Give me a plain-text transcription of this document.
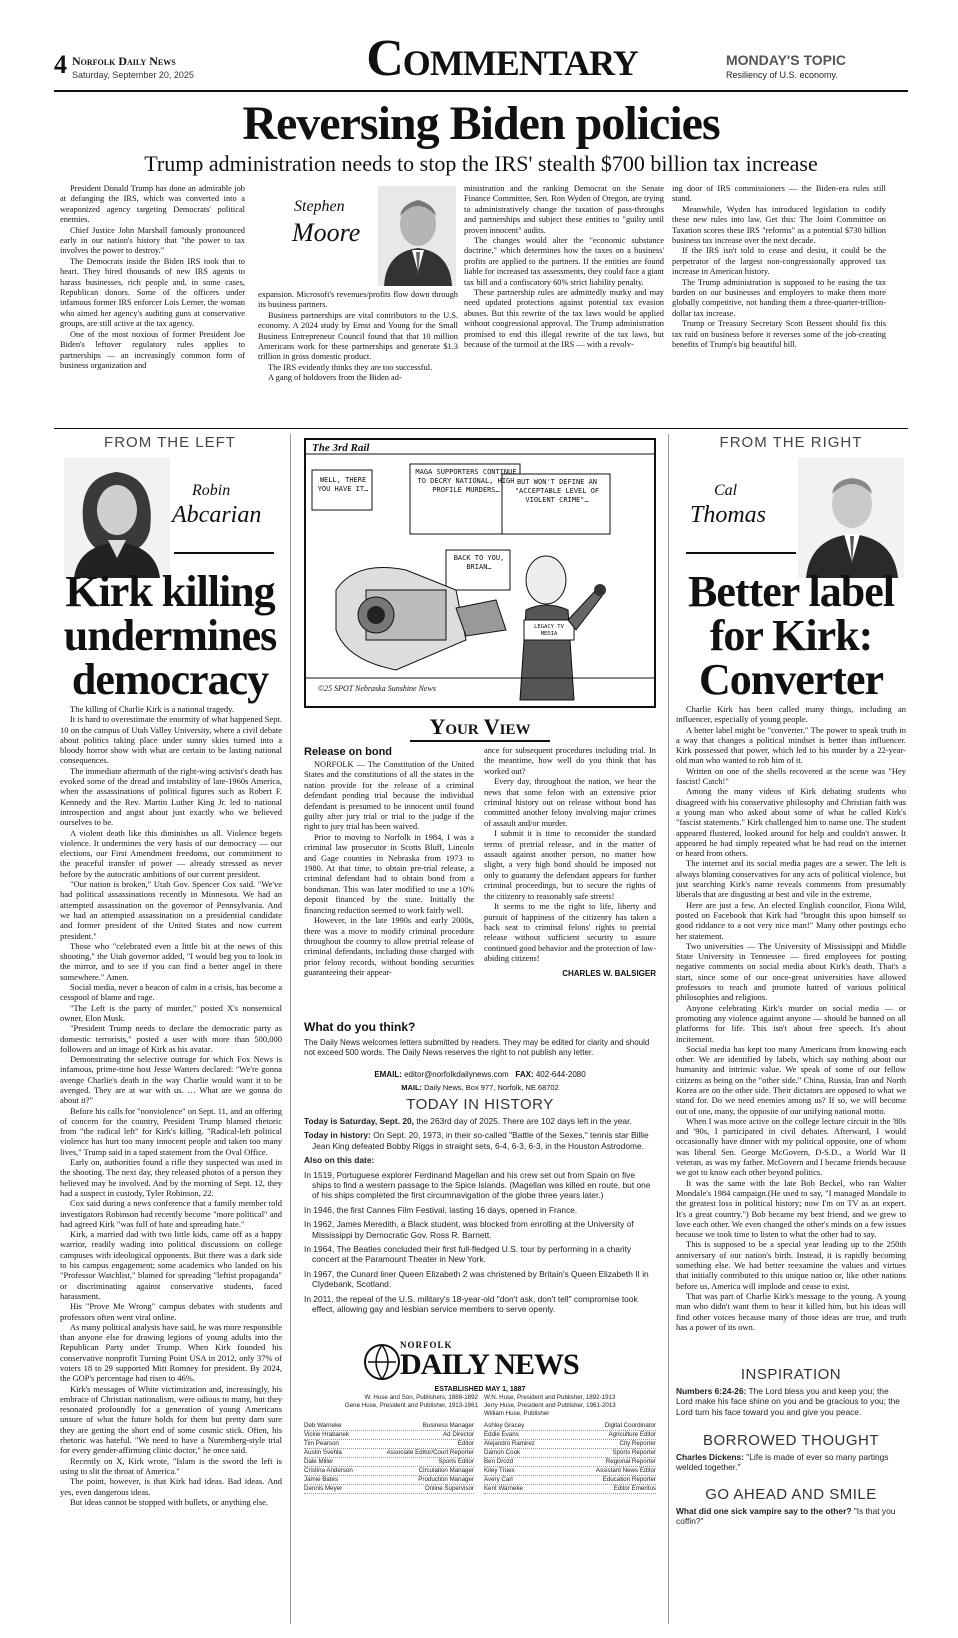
4 Norfolk Daily News
Saturday, September 20, 2025	Commentary	MONDAY'S TOPIC
Resiliency of U.S. economy.
Reversing Biden policies
Trump administration needs to stop the IRS' stealth $700 billion tax increase

President Donald Trump has done an admirable job at defanging the IRS, which was converted into a weaponized agency targeting Democrats' political enemies.

Chief Justice John Marshall famously pronounced early in our nation's history that "the power to tax involves the power to destroy."

The Democrats inside the Biden IRS took that to heart. They hired thousands of new IRS agents to harass businesses, rich people and, in some cases, Republican donors. Some of the officers under infamous former IRS enforcer Lois Lerner, the woman who aimed her agency's auditing guns at conservative groups, are still active at the tax agency.

One of the most noxious of former President Joe Biden's leftover regulatory rules applies to partnerships — an increasingly common form of business organization and

Stephen
Moore

expansion. Microsoft's revenues/profits flow down through its business partners.

Business partnerships are vital contributors to the U.S. economy. A 2024 study by Ernst and Young for the Small Business Entrepreneur Council found that that 10 million Americans work for these partnerships and generate $1.3 trillion in gross domestic product.

The IRS evidently thinks they are too successful.

A gang of holdovers from the Biden ad-

ministration and the ranking Democrat on the Senate Finance Committee, Sen. Ron Wyden of Oregon, are trying to administratively change the taxation of pass-throughs and partnerships and subject these entities to "guilty until proven innocent" audits.

The changes would alter the "economic substance doctrine," which determines how the taxes on a business' profits are applied to the partners. If the entities are found liable for increased tax assessments, they could face a giant tax bill and a confiscatory 60% strict liability penalty.

These partnership rules are admittedly murky and may need updated protections against potential tax evasion abuses. But this rewrite of the tax laws would be applied without congressional approval. The Trump administration promised to end this illegal rewrite of the tax laws, but because of the turmoil at the IRS — with a revolv-

ing door of IRS commissioners — the Biden-era rules still stand.

Meanwhile, Wyden has introduced legislation to codify these new rules into law. Get this: The Joint Committee on Taxation scores these IRS "reforms" as a potential $730 billion business tax increase over the next decade.

If the IRS isn't told to cease and desist, it could be the perpetrator of the largest non-congressionally approved tax increase in American history.

The Trump administration is supposed to be easing the tax burden on our businesses and employers to make them more globally competitive, not handing them a three-quarter-trillion-dollar tax increase.

Trump or Treasury Secretary Scott Bessent should fix this tax raid on business before it reverses some of the job-creating benefits of Trump's big beautiful bill.

FROM THE LEFT
Robin
Abcarian
Kirk killing undermines democracy

The killing of Charlie Kirk is a national tragedy.

It is hard to overestimate the enormity of what happened Sept. 10 on the campus of Utah Valley University, where a civil debate about politics taking place under sunny skies turned into a bloody horror show with what are certain to be lasting national consequences.

The immediate aftermath of the right-wing activist's death has evoked some of the dread and instability of late-1960s America, when the assassinations of political figures such as Robert F. Kennedy and the Rev. Martin Luther King Jr. led to national introspection and angst about just exactly who we believed ourselves to be.

A violent death like this diminishes us all. Violence begets violence. It undermines the very basis of our democracy — our elections, our First Amendment freedoms, our commitment to the peaceful transfer of power — already stressed as never before by the autocratic ambitions of our current president.

"Our nation is broken," Utah Gov. Spencer Cox said. "We've had political assassinations recently in Minnesota. We had an attempted assassination on the governor of Pennsylvania. And we had an attempted assassination on a presidential candidate and former president of the United States and now current president."

Those who "celebrated even a little bit at the news of this shooting," the Utah governor added, "I would beg you to look in the mirror, and to see if you can find a better angel in there somewhere." Amen.

Social media, never a beacon of calm in a crisis, has become a cesspool of blame and rage.

"The Left is the party of murder," posted X's nonsensical owner, Elon Musk.

"President Trump needs to declare the democratic party as domestic terrorists," posted a user with more than 500,000 followers and an image of Kirk as his avatar.

Demonstrating the selective outrage for which Fox News is infamous, prime-time host Jesse Watters declared: "We're gonna avenge Charlie's death in the way Charlie would want it to be avenged. They are at war with us. … What are we gonna do about it?"

Before his calls for "nonviolence" on Sept. 11, and an offering of concern for the country, President Trump blamed rhetoric from "the radical left" for Kirk's killing. "Radical-left political violence has hurt too many innocent people and taken too many lives," Trump said in a taped statement from the Oval Office.

Early on, authorities found a rifle they suspected was used in the shooting. The next day, they released photos of a person they believed may be involved. And by the morning of Sept. 12, they had a suspect in custody, Tyler Robinson, 22.

Cox said during a news conference that a family member told investigators Robinson had recently become "more political" and had agreed Kirk "was full of hate and spreading hate."

Kirk, a married dad with two little kids, came off as a happy warrior, readily wading into political discussions on college campuses with ideological opponents. But there was a dark side to his campus engagement; some academics who landed on his "Professor Watchlist," blamed for spreading "leftist propaganda" or discriminating against conservative students, faced harassment.

His "Prove Me Wrong" campus debates with students and professors often went viral online.

As many political analysts have said, he was more responsible than anyone else for drawing legions of young adults into the Republican Party under Trump. When Kirk founded his conservative nonprofit Turning Point USA in 2012, only 37% of voters 18 to 29 supported Mitt Romney for president. By 2024, the GOP's percentage had risen to 46%.

Kirk's messages of White victimization and, increasingly, his embrace of Christian nationalism, were odious to many, but they resonated profoundly for a generation of young Americans unsure of what the future holds for them but pretty darn sure they are getting the short end of some cosmic stick. Often, his rhetoric was hateful. "We need to have a Nuremberg-style trial for every gender-affirming clinic doctor," he once said.

Recently on X, Kirk wrote, "Islam is the sword the left is using to slit the throat of America."

The point, however, is that Kirk had ideas. Bad ideas. And yes, even dangerous ideas.

But ideas cannot be stopped with bullets, or anything else.

The 3rd Rail
WELL, THERE YOU HAVE IT…
MAGA SUPPORTERS CONTINUE TO DECRY NATIONAL, HIGH PROFILE MURDERS…
BUT WON'T DEFINE AN "ACCEPTABLE LEVEL OF VIOLENT CRIME"…
BACK TO YOU, BRIAN…
LEGACY TV MEDIA
©25 SPOT Nebraska Sunshine News
Your View
Release on bond

NORFOLK — The Constitution of the United States and the constitutions of all the states in the nation provide for the release of a criminal defendant pending trial because the individual defendant is presumed to be innocent until found guilty after jury trial or trial to the judge if the right to jury trial has been waived.

Prior to moving to Norfolk in 1984, I was a criminal law prosecutor in Scotts Bluff, Lincoln and Gage counties in Nebraska from 1973 to 1980. At that time, to obtain pre-trial release, a criminal defendant had to obtain bond from a bondsman. This was later modified to use a 10% deposit financed by the state. Initially the financing reduction seemed to work fairly well.

However, in the late 1990s and early 2000s, there was a move to modify criminal procedure throughout the country to allow pretrial release of criminal defendants, including those charged with prior felony records, without bonding securities guaranteeing their appear-

ance for subsequent procedures including trial. In the meantime, how well do you think that has worked out?

Every day, throughout the nation, we hear the news that some felon with an extensive prior criminal history out on release without bond has committed another felony involving major crimes of assault and/or murder.

I submit it is time to reconsider the standard terms of pretrial release, and in the matter of assault against another person, no matter how slight, a very high bond should be imposed not only to guaranty the defendant appears for further criminal proceedings, but to secure the rights of the citizenry to reasonably safe streets!

It seems to me the right to life, liberty and pursuit of happiness of the citizenry has taken a back seat to criminal felons' rights to pretrial release without sufficient security to assure continued good behavior and the protection of law-abiding citizens!

CHARLES W. BALSIGER

What do you think?
The Daily News welcomes letters submitted by readers. They may be edited for clarity and should not exceed 500 words. The Daily News reserves the right to not publish any letter.
EMAIL: editor@norfolkdailynews.com FAX: 402-644-2080
MAIL: Daily News, Box 977, Norfolk, NE 68702
TODAY IN HISTORY

Today is Saturday, Sept. 20, the 263rd day of 2025. There are 102 days left in the year.

Today in history: On Sept. 20, 1973, in their so-called "Battle of the Sexes," tennis star Billie Jean King defeated Bobby Riggs in straight sets, 6-4, 6-3, 6-3, in the Houston Astrodome.

Also on this date:

In 1519, Portuguese explorer Ferdinand Magellan and his crew set out from Spain on five ships to find a western passage to the Spice Islands. (Magellan was killed en route, but one of his ships completed the first circumnavigation of the globe three years later.)

In 1946, the first Cannes Film Festival, lasting 16 days, opened in France.

In 1962, James Meredith, a Black student, was blocked from enrolling at the University of Mississippi by Democratic Gov. Ross R. Barnett.

In 1964, The Beatles concluded their first full-fledged U.S. tour by performing in a charity concert at the Paramount Theater in New York.

In 1967, the Cunard liner Queen Elizabeth 2 was christened by Britain's Queen Elizabeth II in Clydebank, Scotland.

In 2011, the repeal of the U.S. military's 18-year-old "don't ask, don't tell" compromise took effect, allowing gay and lesbian service members to serve openly.

NORFOLK
DAILY NEWS
ESTABLISHED MAY 1, 1887
W. Huse and Son, Publishers, 1888-1892
Gene Huse, President and Publisher, 1913-1961
W.N. Huse, President and Publisher, 1892-1913
Jerry Huse, President and Publisher, 1961-2013
William Huse, Publisher
Deb Warneke	Business Manager
Vickie Hrabanek	Ad Director
Tim Pearson	Editor
Austin Svehla	Associate Editor/Court Reporter
Dale Miller	Sports Editor
Cristina Anderson	Circulation Manager
Jamie Bates	Production Manager
Dennis Meyer	Online Supervisor
Ashley Gracey	Digital Coordinator
Eddie Evans	Agriculture Editor
Alejandro Ramirez	City Reporter
Damon Cook	Sports Reporter
Ben Drozd	Regional Reporter
Kiley Truex	Assistant News Editor
Avery Carl	Education Reporter
Kent Warneke	Editor Emeritus
FROM THE RIGHT
Cal
Thomas
Better label for Kirk: Converter

Charlie Kirk has been called many things, including an influencer, especially of young people.

A better label might be "converter." The power to speak truth in a way that changes a political mindset is better than influencer. Kirk possessed that power, which led to his murder by a 22-year-old man who wanted to rob him of it.

Written on one of the shells recovered at the scene was "Hey fascist! Catch!"

Among the many videos of Kirk debating students who disagreed with his conservative philosophy and Christian faith was a young man who asked about some of what he called Kirk's "fascist statements." Kirk challenged him to name one. The student appeared flustered, looked around for help and couldn't answer. It appeared he had simply repeated what he had read on the internet or heard from others.

The internet and its social media pages are a sewer. The left is always blaming conservatives for any acts of political violence, but just searching Kirk's name reveals comments from presumably liberals that are disgusting at best and vile in the extreme.

Here are just a few. An elected English councilor, Fiona Wild, posted on Facebook that Kirk had "brought this upon himself so good riddance to a not very nice man!" Many other postings echo her statement.

Two universities — The University of Mississippi and Middle State University in Tennessee — fired employees for posting negative comments on social media about Kirk's death. That's a start, since some of our once-great universities have allowed professors to teach and promote hatred of various political philosophies and religions.

Anyone celebrating Kirk's murder on social media — or promoting any violence against anyone — should be banned on all platforms for life. This isn't about free speech. It's about incitement.

Social media has kept too many Americans from knowing each other. We are identified by labels, which say nothing about our humanity and intrinsic value. We speak of some of our fellow citizens as being on the "other side." China, Russia, Iran and North Korea are on the other side. Their dictators are opposed to what we stand for. Do we need enemies among us? If so, we will become out of one, many, the opposite of our unifying national motto.

When I was more active on the college lecture circuit in the '80s and '90s, I participated in civil debates. Afterward, I would occasionally have dinner with my political opposite, one of whom was liberal Sen. George McGovern, D-S.D., a World War II veteran, as was my father. McGovern and I became friends because we got to know each other beyond politics.

It was the same with the late Bob Beckel, who ran Walter Mondale's 1984 campaign.(He used to say, "I managed Mondale to the greatest loss in political history; now I'm on TV as an expert. It's a great country.") Bob became my best friend, and we grew to love each other. We even changed the other's minds on a few issues because we took time to listen to what the other had to say.

This is supposed to be a special year leading up to the 250th anniversary of our nation's birth. Instead, it is rapidly becoming something else. We had better reexamine the values and virtues that initially contributed to this unique nation or, like other nations before us, America will implode and cease to exist.

That was part of Charlie Kirk's message to the young. A young man who didn't want them to hear it killed him, but his ideas will find other voices because many of those ideas are true, and truth has a power of its own.

INSPIRATION
Numbers 6:24-26: The Lord bless you and keep you; the Lord make his face shine on you and be gracious to you; the Lord turn his face toward you and give you peace.
BORROWED THOUGHT
Charles Dickens: "Life is made of ever so many partings welded together."
GO AHEAD AND SMILE
What did one sick vampire say to the other? "Is that you coffin?"
